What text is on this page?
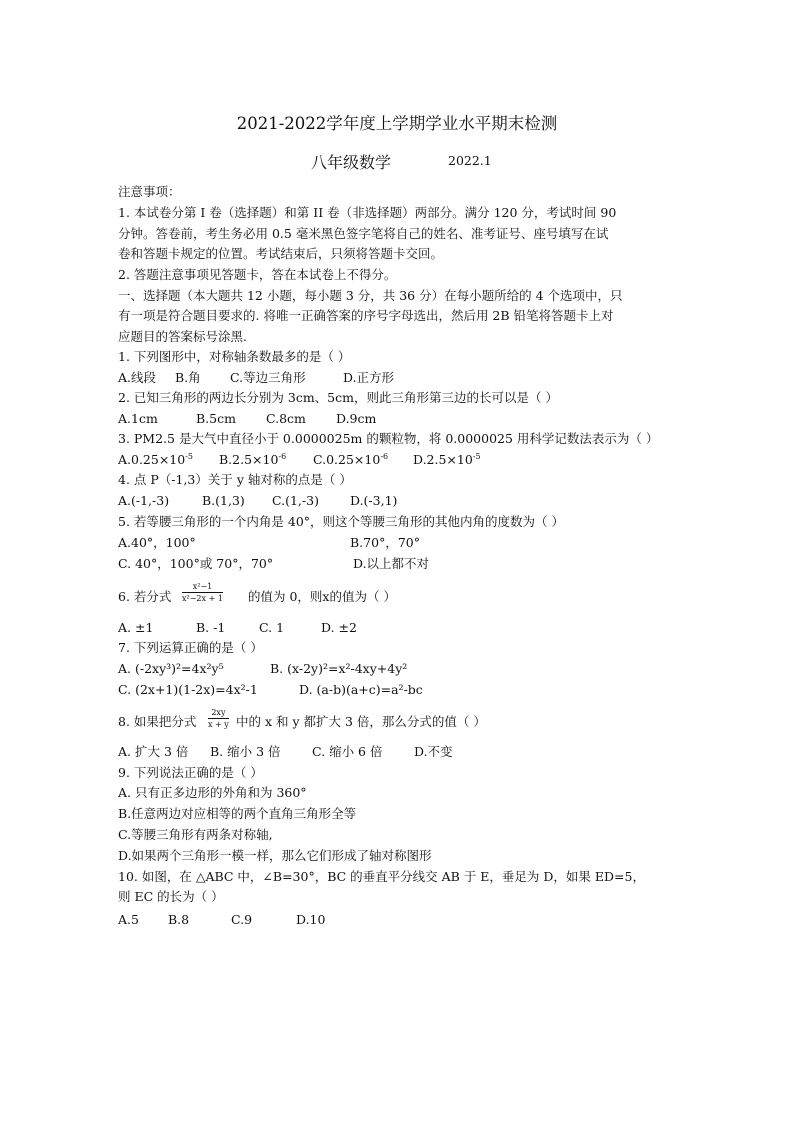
2021-2022学年度上学期学业水平期末检测
八年级数学	2022.1
注意事项：
1. 本试卷分第 I 卷（选择题）和第 II 卷（非选择题）两部分。满分 120 分，考试时间 90
分钟。答卷前，考生务必用 0.5 毫米黑色签字笔将自己的姓名、准考证号、座号填写在试
卷和答题卡规定的位置。考试结束后，只须将答题卡交回。
2. 答题注意事项见答题卡，答在本试卷上不得分。
一、选择题（本大题共 12 小题，每小题 3 分，共 36 分）在每小题所给的 4 个选项中，只
有一项是符合题目要求的. 将唯一正确答案的序号字母选出，然后用 2B 铅笔将答题卡上对
应题目的答案标号涂黑.
1. 下列图形中，对称轴条数最多的是（ ）
A.线段 B.角 C.等边三角形	D.正方形
2. 已知三角形的两边长分别为 3cm、5cm，则此三角形第三边的长可以是（ ）
A.1cm	B.5cm C.8cm D.9cm
3. PM2.5 是大气中直径小于 0.0000025m 的颗粒物，将 0.0000025 用科学记数法表示为（ ）
$A.0.25\times 10^{-5}$ $B.2.5\times 10^{-6}$ $C.0.25\times 10^{-6}$ $D.2.5\times 10^{-5}$
4. 点 P（-1,3）关于 y 轴对称的点是（ ）
A.(-1,-3)	B.(1,3) C.(1,-3) D.(-3,1)
5. 若等腰三角形的一个内角是 40°，则这个等腰三角形的其他内角的度数为（ ）
A.40°，100°	B.70°，70°
C. 40°，100°或 70°，70°	D.以上都不对
6. 若分式
x²−1
x²−2x + 1 的值为 0，则x的值为（ ）
A. ±1	B. -1	C. 1	D. ±2
7. 下列运算正确的是（ ）
A. (-2xy³)²=4x²y⁵	B. (x-2y)²=x²-4xy+4y²
C. (2x+1)(1-2x)=4x²-1	D. (a-b)(a+c)=a²-bc
8. 如果把分式
2xy
x + y 中的 x 和 y 都扩大 3 倍，那么分式的值（ ）
A. 扩大 3 倍 B. 缩小 3 倍	C. 缩小 6 倍	D.不变
9. 下列说法正确的是（ ）
A. 只有正多边形的外角和为 360°
B.任意两边对应相等的两个直角三角形全等
C.等腰三角形有两条对称轴,
D.如果两个三角形一模一样，那么它们形成了轴对称图形
10. 如图，在 △ABC 中，∠B=30°，BC 的垂直平分线交 AB 于 E，垂足为 D，如果 ED=5，
则 EC 的长为（ ）
A.5 B.8	C.9	D.10
